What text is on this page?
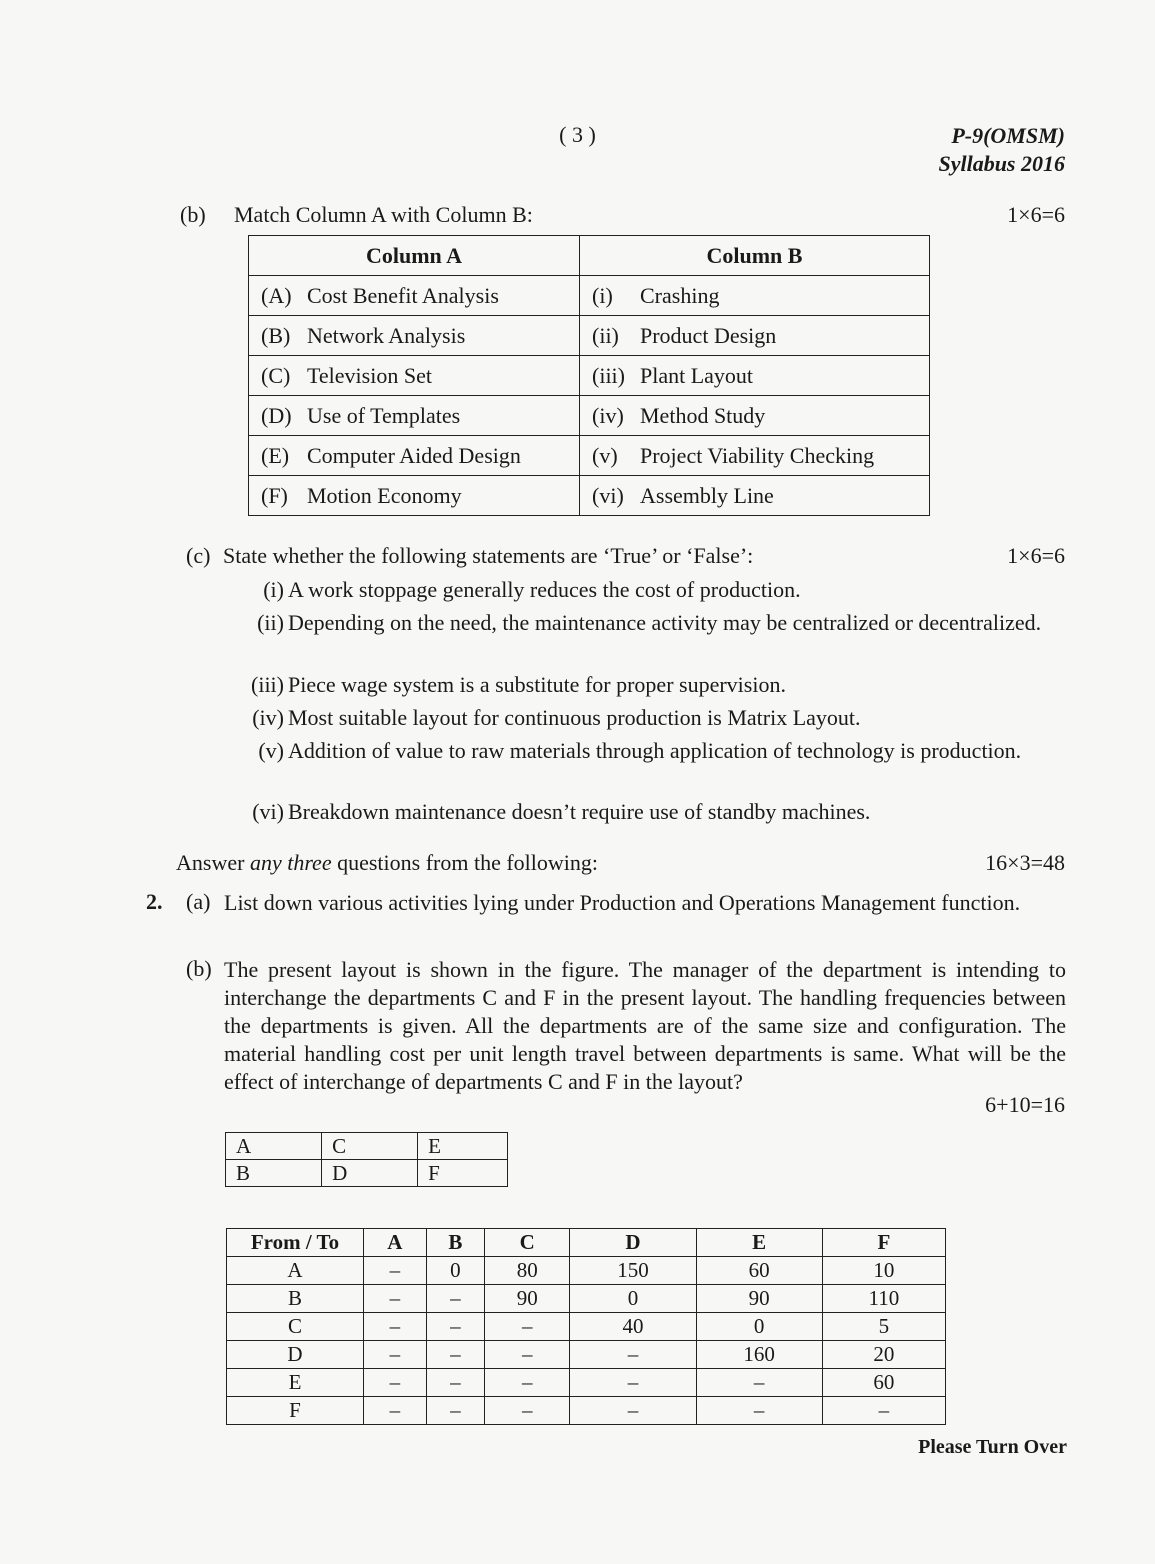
( 3 )	P-9(OMSM)
Syllabus 2016
(b) Match Column A with Column B:	1×6=6
Column A	Column B
(A) Cost Benefit Analysis	(i) Crashing
(B) Network Analysis	(ii) Product Design
(C) Television Set	(iii) Plant Layout
(D) Use of Templates	(iv) Method Study
(E) Computer Aided Design	(v) Project Viability Checking
(F) Motion Economy	(vi) Assembly Line
(c) State whether the following statements are ‘True’ or ‘False’:	1×6=6
(i) A work stoppage generally reduces the cost of production.
(ii) Depending on the need, the maintenance activity may be centralized or decentralized.
(iii) Piece wage system is a substitute for proper supervision.
(iv) Most suitable layout for continuous production is Matrix Layout.
(v) Addition of value to raw materials through application of technology is production.
(vi) Breakdown maintenance doesn’t require use of standby machines.
Answer any three questions from the following:	16×3=48
2. (a) List down various activities lying under Production and Operations Management function.
(b) The present layout is shown in the figure. The manager of the department is intending to interchange the departments C and F in the present layout. The handling frequencies between the departments is given. All the departments are of the same size and configuration. The material handling cost per unit length travel between departments is same. What will be the effect of interchange of departments C and F in the layout?
6+10=16
A	C	E
B	D	F
From / To	A	B	C	D	E	F
A	–	0	80	150	60	10
B	–	–	90	0	90	110
C	–	–	–	40	0	5
D	–	–	–	–	160	20
E	–	–	–	–	–	60
F	–	–	–	–	–	–
Please Turn Over
